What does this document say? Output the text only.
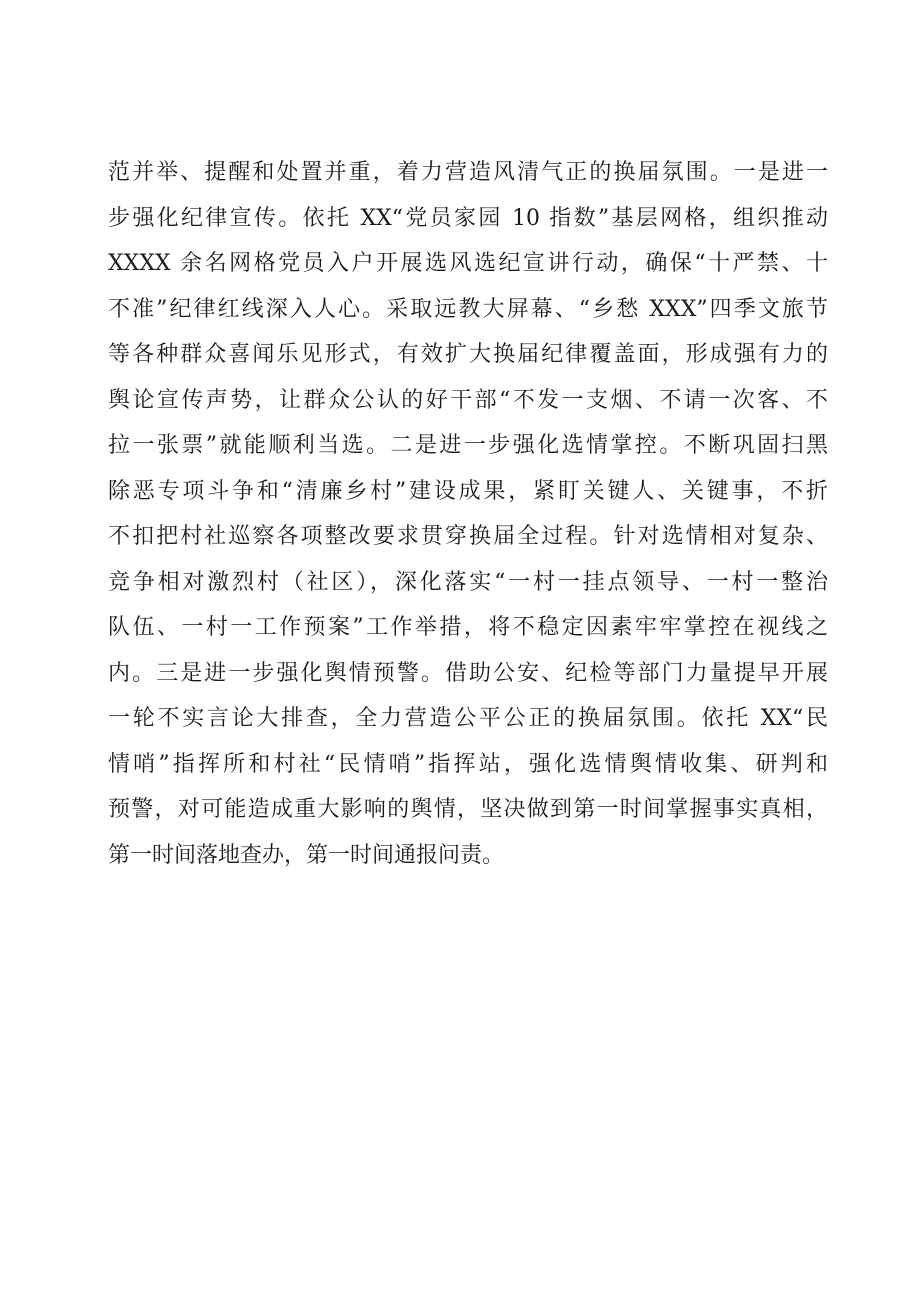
范并举、提醒和处置并重，着力营造风清气正的换届氛围。一是进一
步强化纪律宣传。依托 XX“党员家园 10 指数”基层网格，组织推动
XXXX 余名网格党员入户开展选风选纪宣讲行动，确保“十严禁、十
不准”纪律红线深入人心。采取远教大屏幕、“乡愁 XXX”四季文旅节
等各种群众喜闻乐见形式，有效扩大换届纪律覆盖面，形成强有力的
舆论宣传声势，让群众公认的好干部“不发一支烟、不请一次客、不
拉一张票”就能顺利当选。二是进一步强化选情掌控。不断巩固扫黑
除恶专项斗争和“清廉乡村”建设成果，紧盯关键人、关键事，不折
不扣把村社巡察各项整改要求贯穿换届全过程。针对选情相对复杂、
竞争相对激烈村（社区），深化落实“一村一挂点领导、一村一整治
队伍、一村一工作预案”工作举措，将不稳定因素牢牢掌控在视线之
内。三是进一步强化舆情预警。借助公安、纪检等部门力量提早开展
一轮不实言论大排查，全力营造公平公正的换届氛围。依托 XX“民
情哨”指挥所和村社“民情哨”指挥站，强化选情舆情收集、研判和
预警，对可能造成重大影响的舆情，坚决做到第一时间掌握事实真相，
第一时间落地查办，第一时间通报问责。
